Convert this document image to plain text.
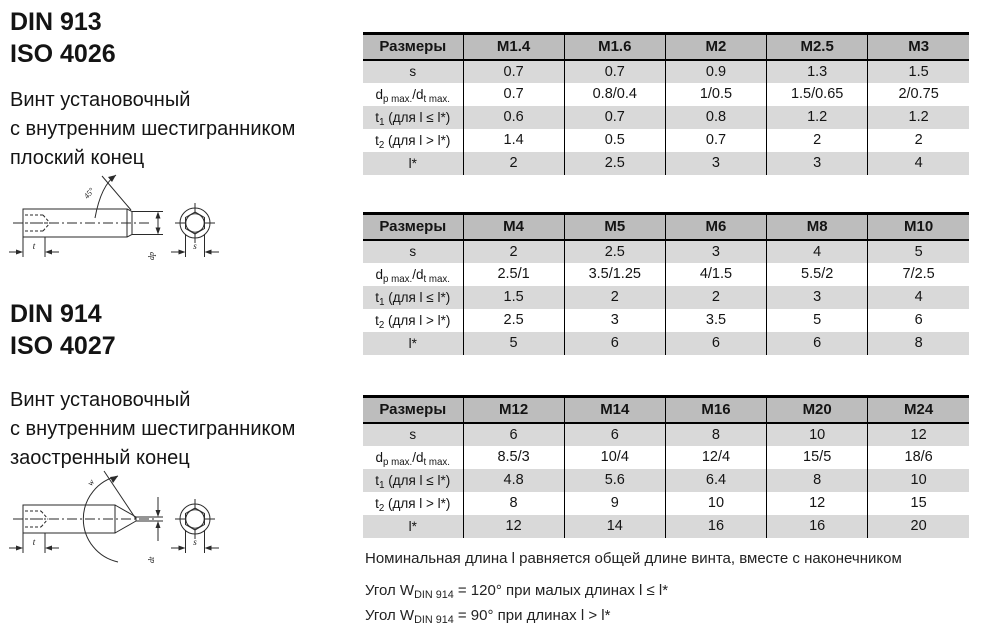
DIN 913
ISO 4026
Винт установочный
с внутренним шестигранником
плоский конец
45°
t
dp
s
DIN 914
ISO 4027
Винт установочный
с внутренним шестигранником
заостренный конец
w
t
dt
s
Размеры	M1.4	M1.6	M2	M2.5	M3
s	0.7	0.7	0.9	1.3	1.5
$d_{p max.}/d_{t max.}$	0.7	0.8/0.4	1/0.5	1.5/0.65	2/0.75
$t_1$ (для l ≤ l*)	0.6	0.7	0.8	1.2	1.2
$t_2$ (для l > l*)	1.4	0.5	0.7	2	2
l*	2	2.5	3	3	4
Размеры	M4	M5	M6	M8	M10
s	2	2.5	3	4	5
$d_{p max.}/d_{t max.}$	2.5/1	3.5/1.25	4/1.5	5.5/2	7/2.5
$t_1$ (для l ≤ l*)	1.5	2	2	3	4
$t_2$ (для l > l*)	2.5	3	3.5	5	6
l*	5	6	6	6	8
Размеры	M12	M14	M16	M20	M24
s	6	6	8	10	12
$d_{p max.}/d_{t max.}$	8.5/3	10/4	12/4	15/5	18/6
$t_1$ (для l ≤ l*)	4.8	5.6	6.4	8	10
$t_2$ (для l > l*)	8	9	10	12	15
l*	12	14	16	16	20

Номинальная длина l равняется общей длине винта, вместе с наконечником

Угол $W_{DIN 914} = 120^\circ$ при малых длинах l ≤ l*

Угол $W_{DIN 914} = 90^\circ$ при длинах l > l*
